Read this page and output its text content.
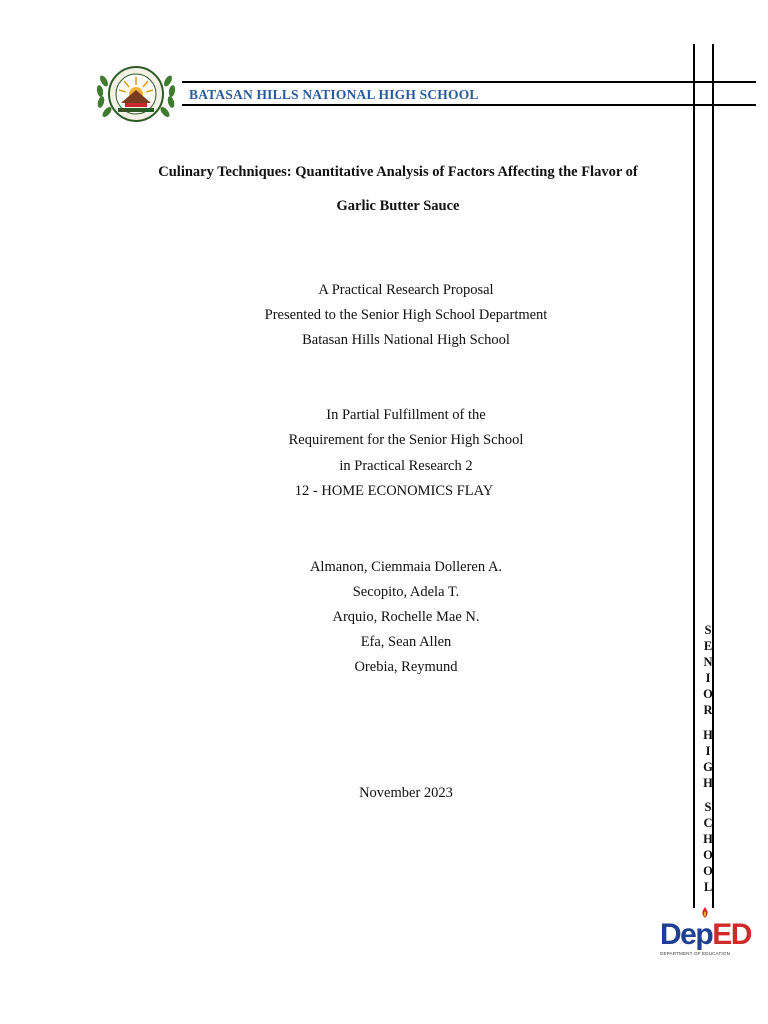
BATASAN HILLS NATIONAL HIGH SCHOOL
Culinary Techniques: Quantitative Analysis of Factors Affecting the Flavor of
Garlic Butter Sauce
A Practical Research Proposal
Presented to the Senior High School Department
Batasan Hills National High School
In Partial Fulfillment of the
Requirement for the Senior High School
in Practical Research 2
12 - HOME ECONOMICS FLAY
Almanon, Ciemmaia Dolleren A.
Secopito, Adela T.
Arquio, Rochelle Mae N.
Efa, Sean Allen
Orebia, Reymund
November 2023
S
E
N
I
O
R
H
I
G
H
S
C
H
O
O
L
DepED
DEPARTMENT OF EDUCATION
